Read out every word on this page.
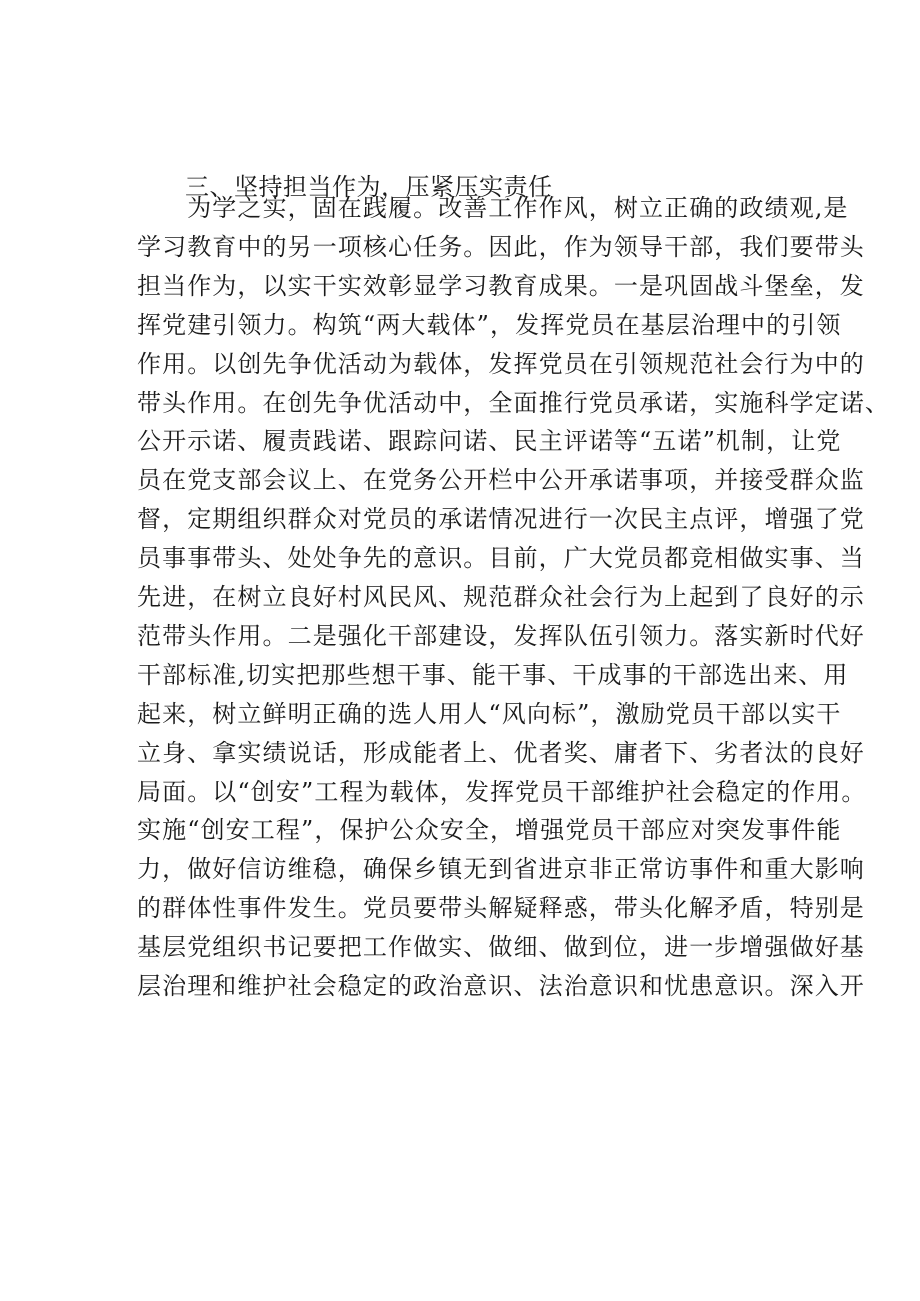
三、坚持担当作为，压紧压实责任
　　为学之实，固在践履。改善工作作风，树立正确的政绩观,是
学习教育中的另一项核心任务。因此，作为领导干部，我们要带头
担当作为，以实干实效彰显学习教育成果。一是巩固战斗堡垒，发
挥党建引领力。构筑“两大载体”，发挥党员在基层治理中的引领
作用。以创先争优活动为载体，发挥党员在引领规范社会行为中的
带头作用。在创先争优活动中，全面推行党员承诺，实施科学定诺、
公开示诺、履责践诺、跟踪问诺、民主评诺等“五诺”机制，让党
员在党支部会议上、在党务公开栏中公开承诺事项，并接受群众监
督，定期组织群众对党员的承诺情况进行一次民主点评，增强了党
员事事带头、处处争先的意识。目前，广大党员都竞相做实事、当
先进，在树立良好村风民风、规范群众社会行为上起到了良好的示
范带头作用。二是强化干部建设，发挥队伍引领力。落实新时代好
干部标准,切实把那些想干事、能干事、干成事的干部选出来、用
起来，树立鲜明正确的选人用人“风向标”，激励党员干部以实干
立身、拿实绩说话，形成能者上、优者奖、庸者下、劣者汰的良好
局面。以“创安”工程为载体，发挥党员干部维护社会稳定的作用。
实施“创安工程”，保护公众安全，增强党员干部应对突发事件能
力，做好信访维稳，确保乡镇无到省进京非正常访事件和重大影响
的群体性事件发生。党员要带头解疑释惑，带头化解矛盾，特别是
基层党组织书记要把工作做实、做细、做到位，进一步增强做好基
层治理和维护社会稳定的政治意识、法治意识和忧患意识。深入开
